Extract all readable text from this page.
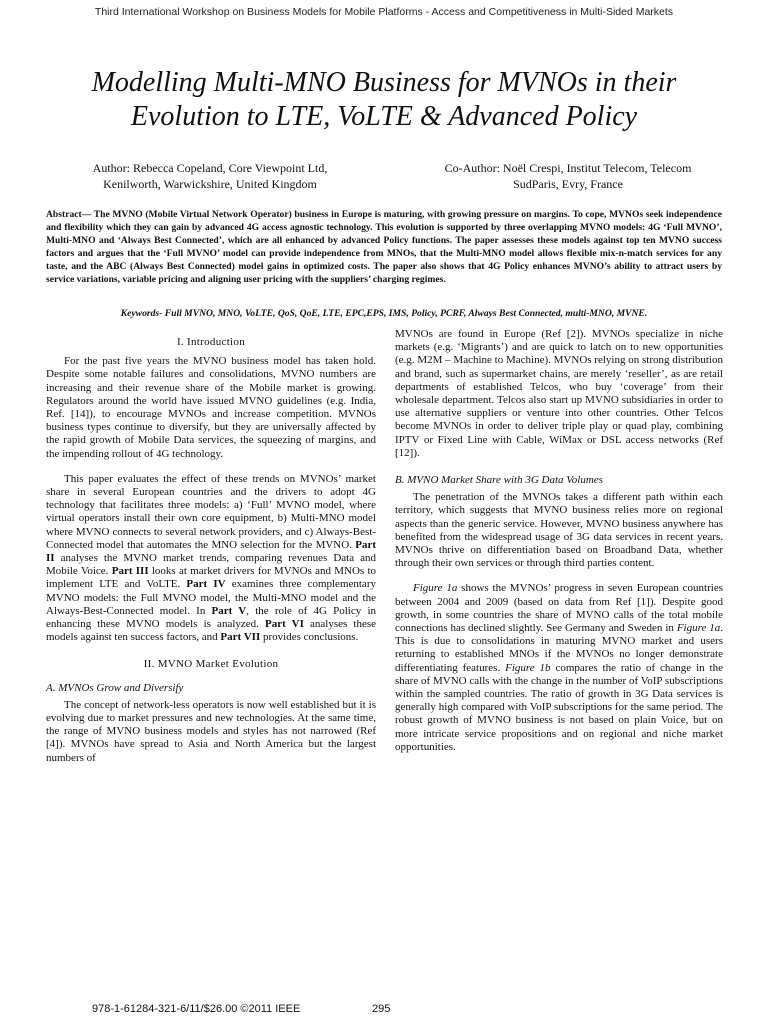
Third International Workshop on Business Models for Mobile Platforms - Access and Competitiveness in Multi-Sided Markets
Modelling Multi-MNO Business for MVNOs in their
Evolution to LTE, VoLTE & Advanced Policy
Author: Rebecca Copeland, Core Viewpoint Ltd,
Kenilworth, Warwickshire, United Kingdom
Co-Author: Noël Crespi, Institut Telecom, Telecom
SudParis, Evry, France
Abstract— The MVNO (Mobile Virtual Network Operator) business in Europe is maturing, with growing pressure on margins. To cope, MVNOs seek independence and flexibility which they can gain by advanced 4G access agnostic technology. This evolution is supported by three overlapping MVNO models: 4G ‘Full MVNO’, Multi-MNO and ‘Always Best Connected’, which are all enhanced by advanced Policy functions. The paper assesses these models against top ten MVNO success factors and argues that the ‘Full MVNO’ model can provide independence from MNOs, that the Multi-MNO model allows flexible mix-n-match services for any taste, and the ABC (Always Best Connected) model gains in optimized costs. The paper also shows that 4G Policy enhances MVNO’s ability to attract users by service variations, variable pricing and aligning user pricing with the suppliers’ charging regimes.
Keywords- Full MVNO, MNO, VoLTE, QoS, QoE, LTE, EPC,EPS, IMS, Policy, PCRF, Always Best Connected, multi-MNO, MVNE.
I. Introduction

For the past five years the MVNO business model has taken hold. Despite some notable failures and consolidations, MVNO numbers are increasing and their revenue share of the Mobile market is growing. Regulators around the world have issued MVNO guidelines (e.g. India, Ref. [14]), to encourage MVNOs and increase competition. MVNOs business types continue to diversify, but they are universally affected by the rapid growth of Mobile Data services, the squeezing of margins, and the impending rollout of 4G technology.

This paper evaluates the effect of these trends on MVNOs’ market share in several European countries and the drivers to adopt 4G technology that facilitates three models: a) ‘Full’ MVNO model, where virtual operators install their own core equipment, b) Multi-MNO model where MVNO connects to several network providers, and c) Always-Best-Connected model that automates the MNO selection for the MVNO. Part II analyses the MVNO market trends, comparing revenues Data and Mobile Voice. Part III looks at market drivers for MVNOs and MNOs to implement LTE and VoLTE. Part IV examines three complementary MVNO models: the Full MVNO model, the Multi-MNO model and the Always-Best-Connected model. In Part V, the role of 4G Policy in enhancing these MVNO models is analyzed. Part VI analyses these models against ten success factors, and Part VII provides conclusions.

II. MVNO Market Evolution
A. MVNOs Grow and Diversify

The concept of network-less operators is now well established but it is evolving due to market pressures and new technologies. At the same time, the range of MVNO business models and styles has not narrowed (Ref [4]). MVNOs have spread to Asia and North America but the largest numbers of

MVNOs are found in Europe (Ref [2]). MVNOs specialize in niche markets (e.g. ‘Migrants’) and are quick to latch on to new opportunities (e.g. M2M – Machine to Machine). MVNOs relying on strong distribution and brand, such as supermarket chains, are merely ‘reseller’, as are retail departments of established Telcos, who buy ‘coverage’ from their wholesale department. Telcos also start up MVNO subsidiaries in order to use alternative suppliers or venture into other countries. Other Telcos become MVNOs in order to deliver triple play or quad play, combining IPTV or Fixed Line with Cable, WiMax or DSL access networks (Ref [12]).

B. MVNO Market Share with 3G Data Volumes

The penetration of the MVNOs takes a different path within each territory, which suggests that MVNO business relies more on regional aspects than the generic service. However, MVNO business anywhere has benefited from the widespread usage of 3G data services in recent years. MVNOs thrive on differentiation based on Broadband Data, whether through their own services or through third parties content.

Figure 1a shows the MVNOs’ progress in seven European countries between 2004 and 2009 (based on data from Ref [1]). Despite good growth, in some countries the share of MVNO calls of the total mobile connections has declined slightly. See Germany and Sweden in Figure 1a. This is due to consolidations in maturing MVNO market and users returning to established MNOs if the MVNOs no longer demonstrate differentiating features. Figure 1b compares the ratio of change in the share of MVNO calls with the change in the number of VoIP subscriptions within the sampled countries. The ratio of growth in 3G Data services is generally high compared with VoIP subscriptions for the same period. The robust growth of MVNO business is not based on plain Voice, but on more intricate service propositions and on regional and niche market opportunities.

978-1-61284-321-6/11/$26.00 ©2011 IEEE	295
